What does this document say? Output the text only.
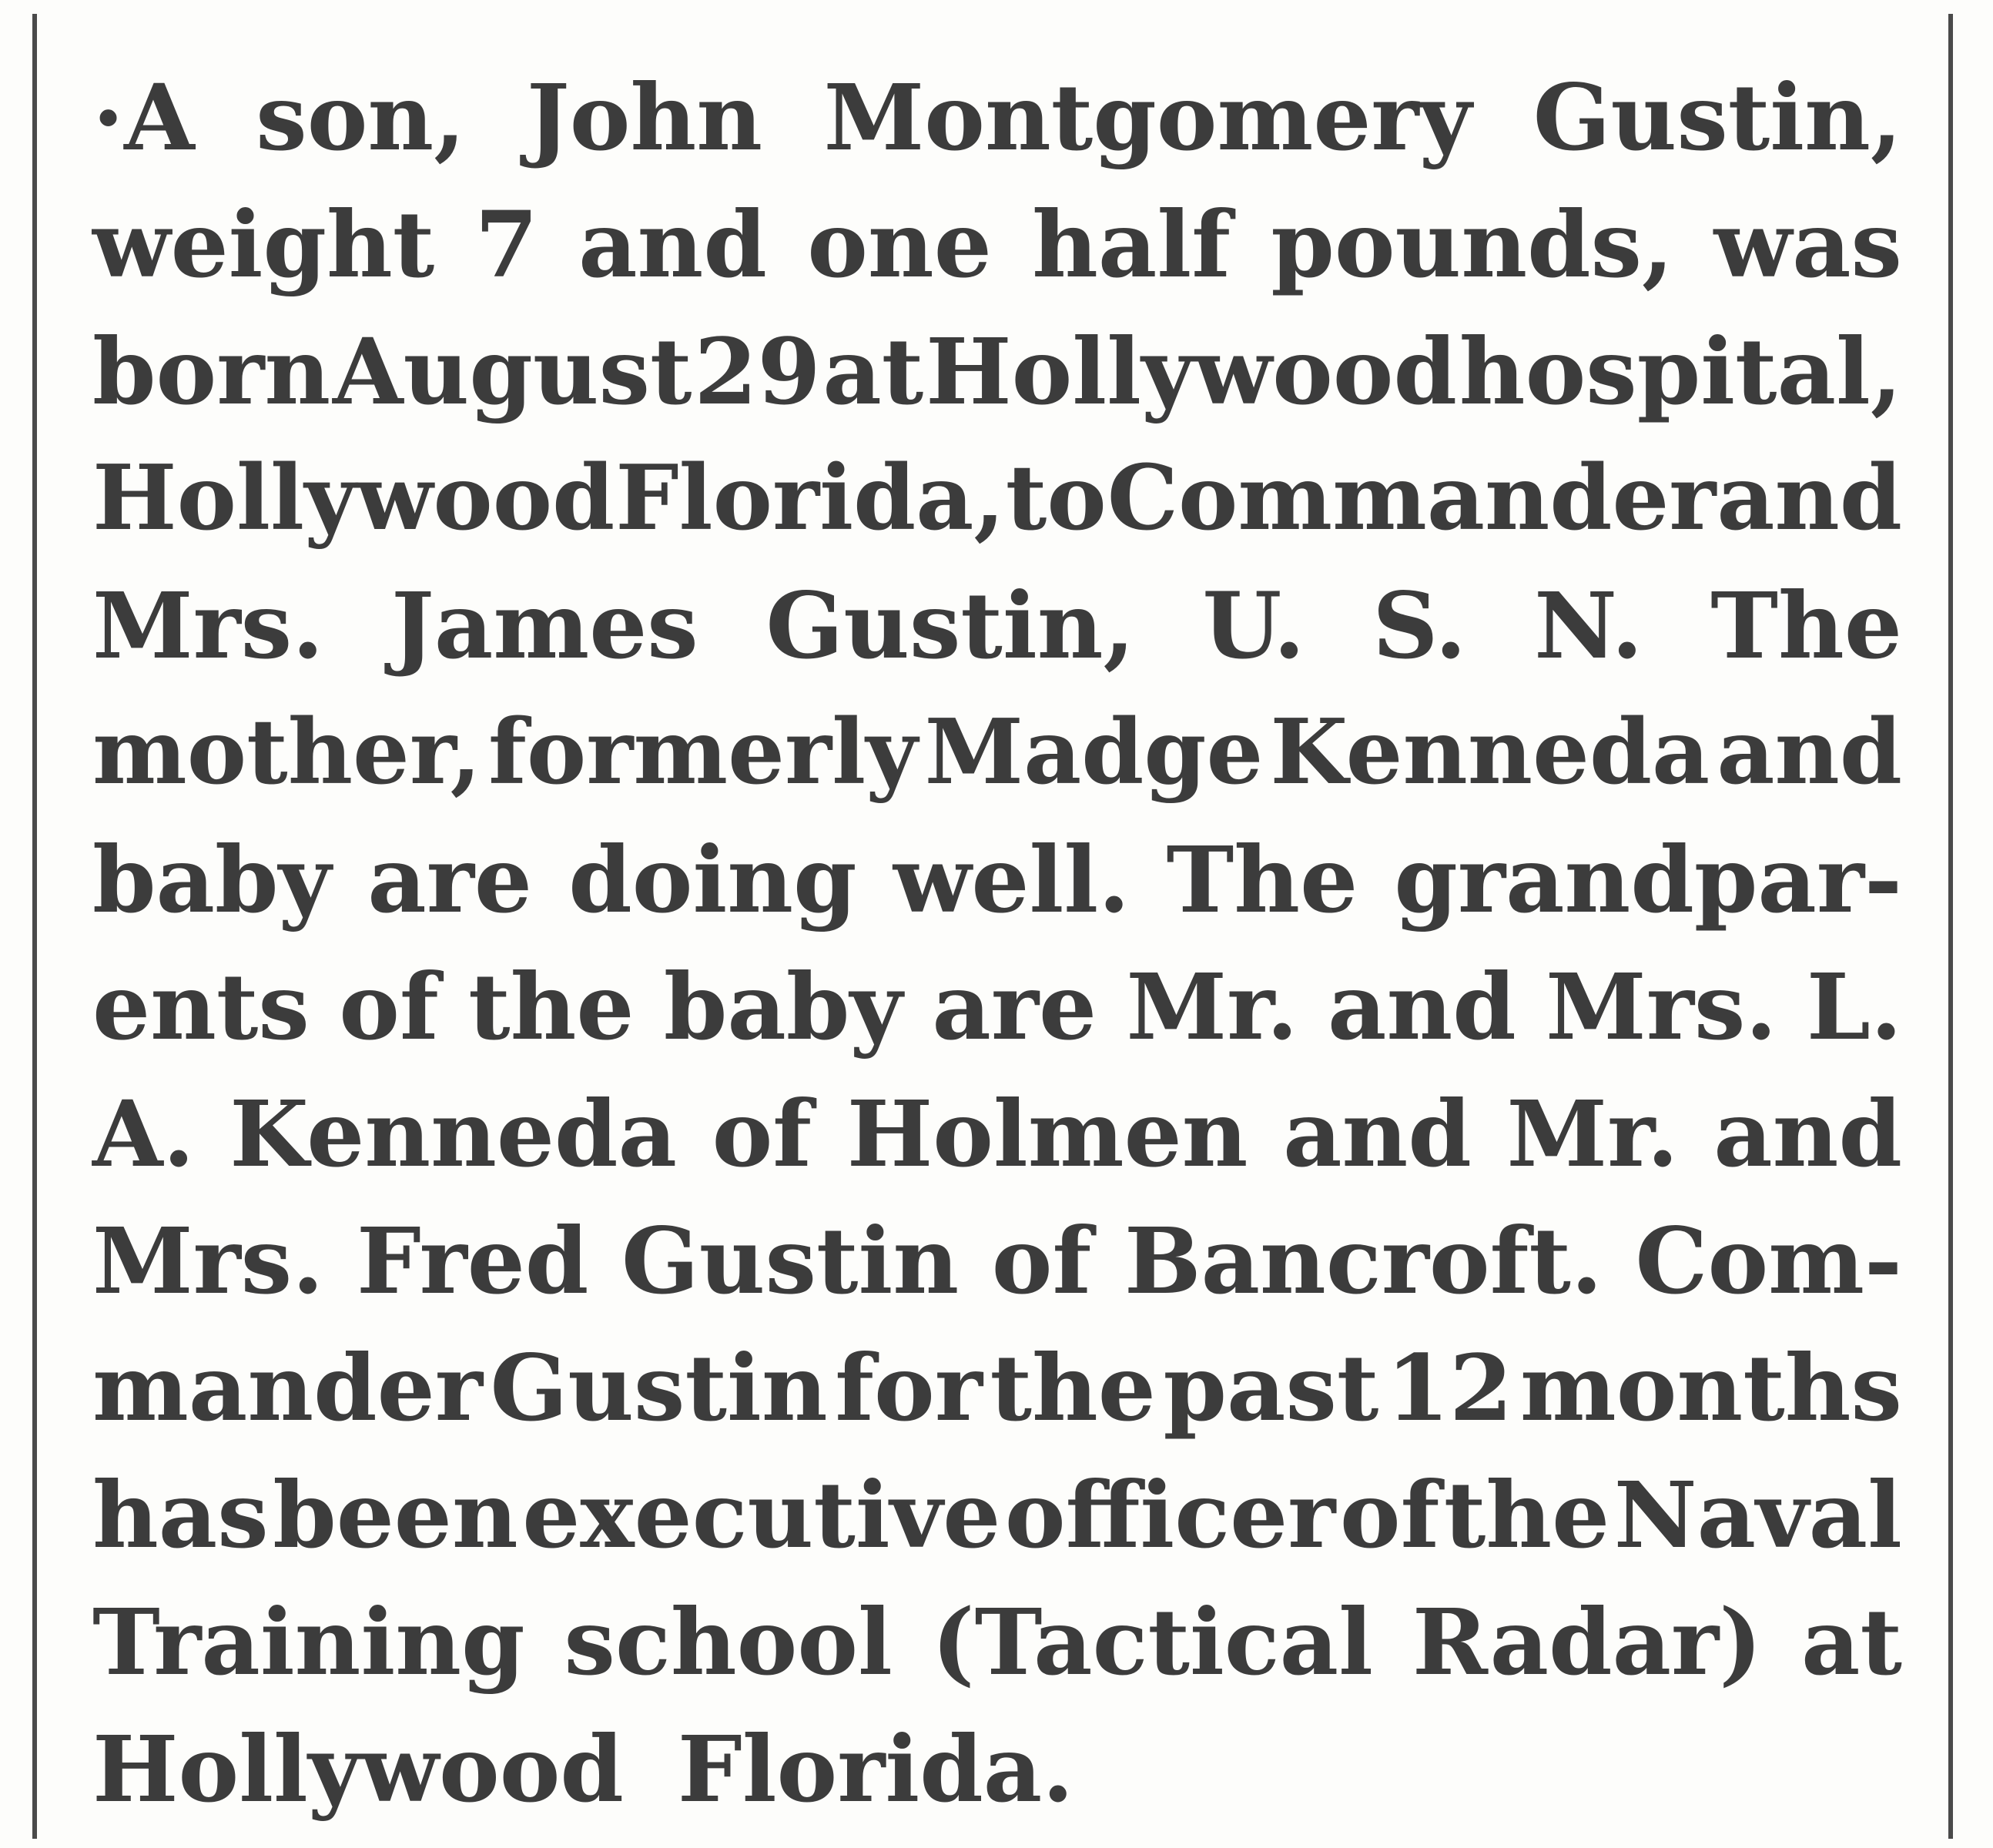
·A son, John Montgomery Gustin,
weight 7 and one half pounds, was
born August 29 at Hollywood hospital,
Hollywood Florida, to Commander and
Mrs. James Gustin, U. S. N. The
mother, formerly Madge Kenneda and
baby are doing well. The grandpar-
ents of the baby are Mr. and Mrs. L.
A. Kenneda of Holmen and Mr. and
Mrs. Fred Gustin of Bancroft. Com-
mander Gustin for the past 12 months
has been executive officer of the Naval
Training school (Tactical Radar) at
Hollywood Florida.
